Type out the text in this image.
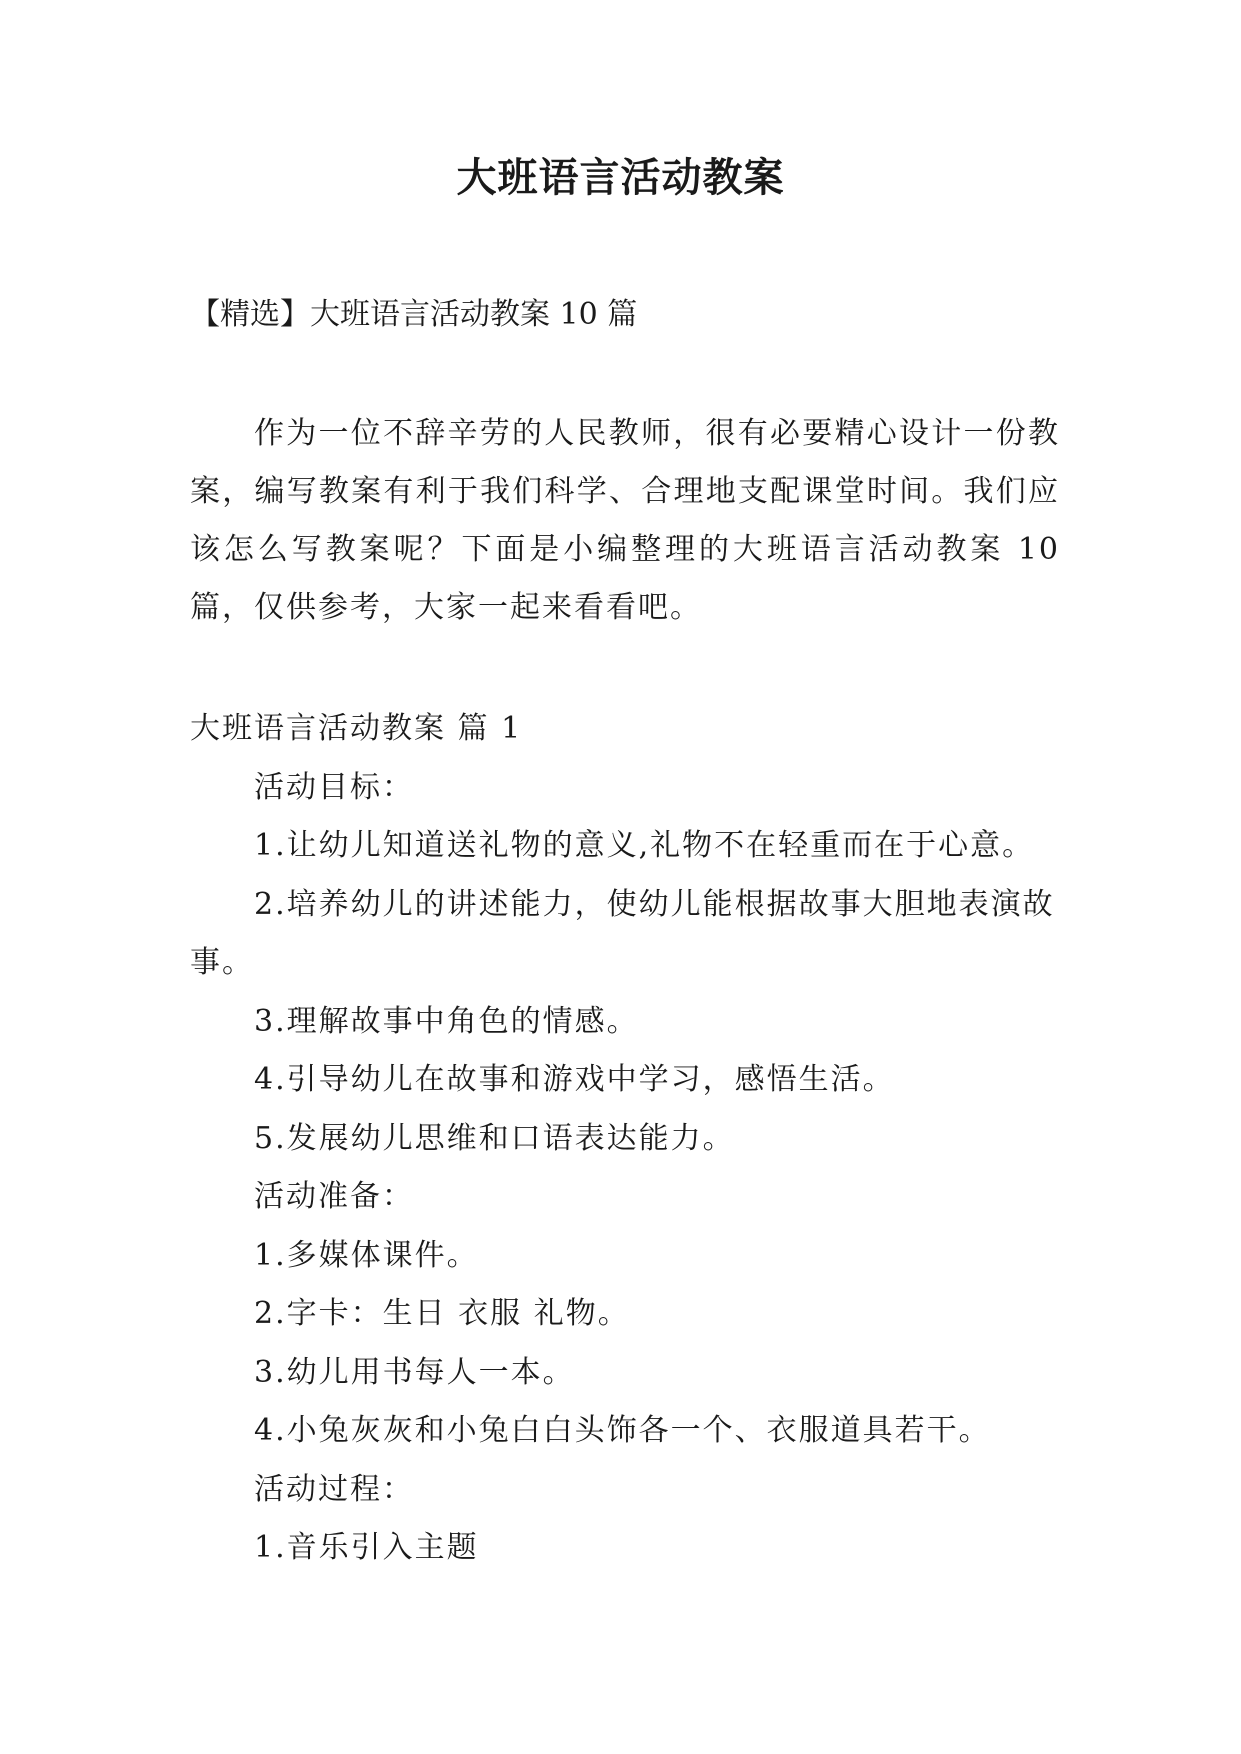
大班语言活动教案

【精选】大班语言活动教案 10 篇

作为一位不辞辛劳的人民教师，很有必要精心设计一份教案，编写教案有利于我们科学、合理地支配课堂时间。我们应该怎么写教案呢？下面是小编整理的大班语言活动教案 10 篇，仅供参考，大家一起来看看吧。

大班语言活动教案 篇 1

活动目标：

1.让幼儿知道送礼物的意义,礼物不在轻重而在于心意。

2.培养幼儿的讲述能力，使幼儿能根据故事大胆地表演故事。

3.理解故事中角色的情感。

4.引导幼儿在故事和游戏中学习，感悟生活。

5.发展幼儿思维和口语表达能力。

活动准备：

1.多媒体课件。

2.字卡：生日 衣服 礼物。

3.幼儿用书每人一本。

4.小兔灰灰和小兔白白头饰各一个、衣服道具若干。

活动过程：

1.音乐引入主题
